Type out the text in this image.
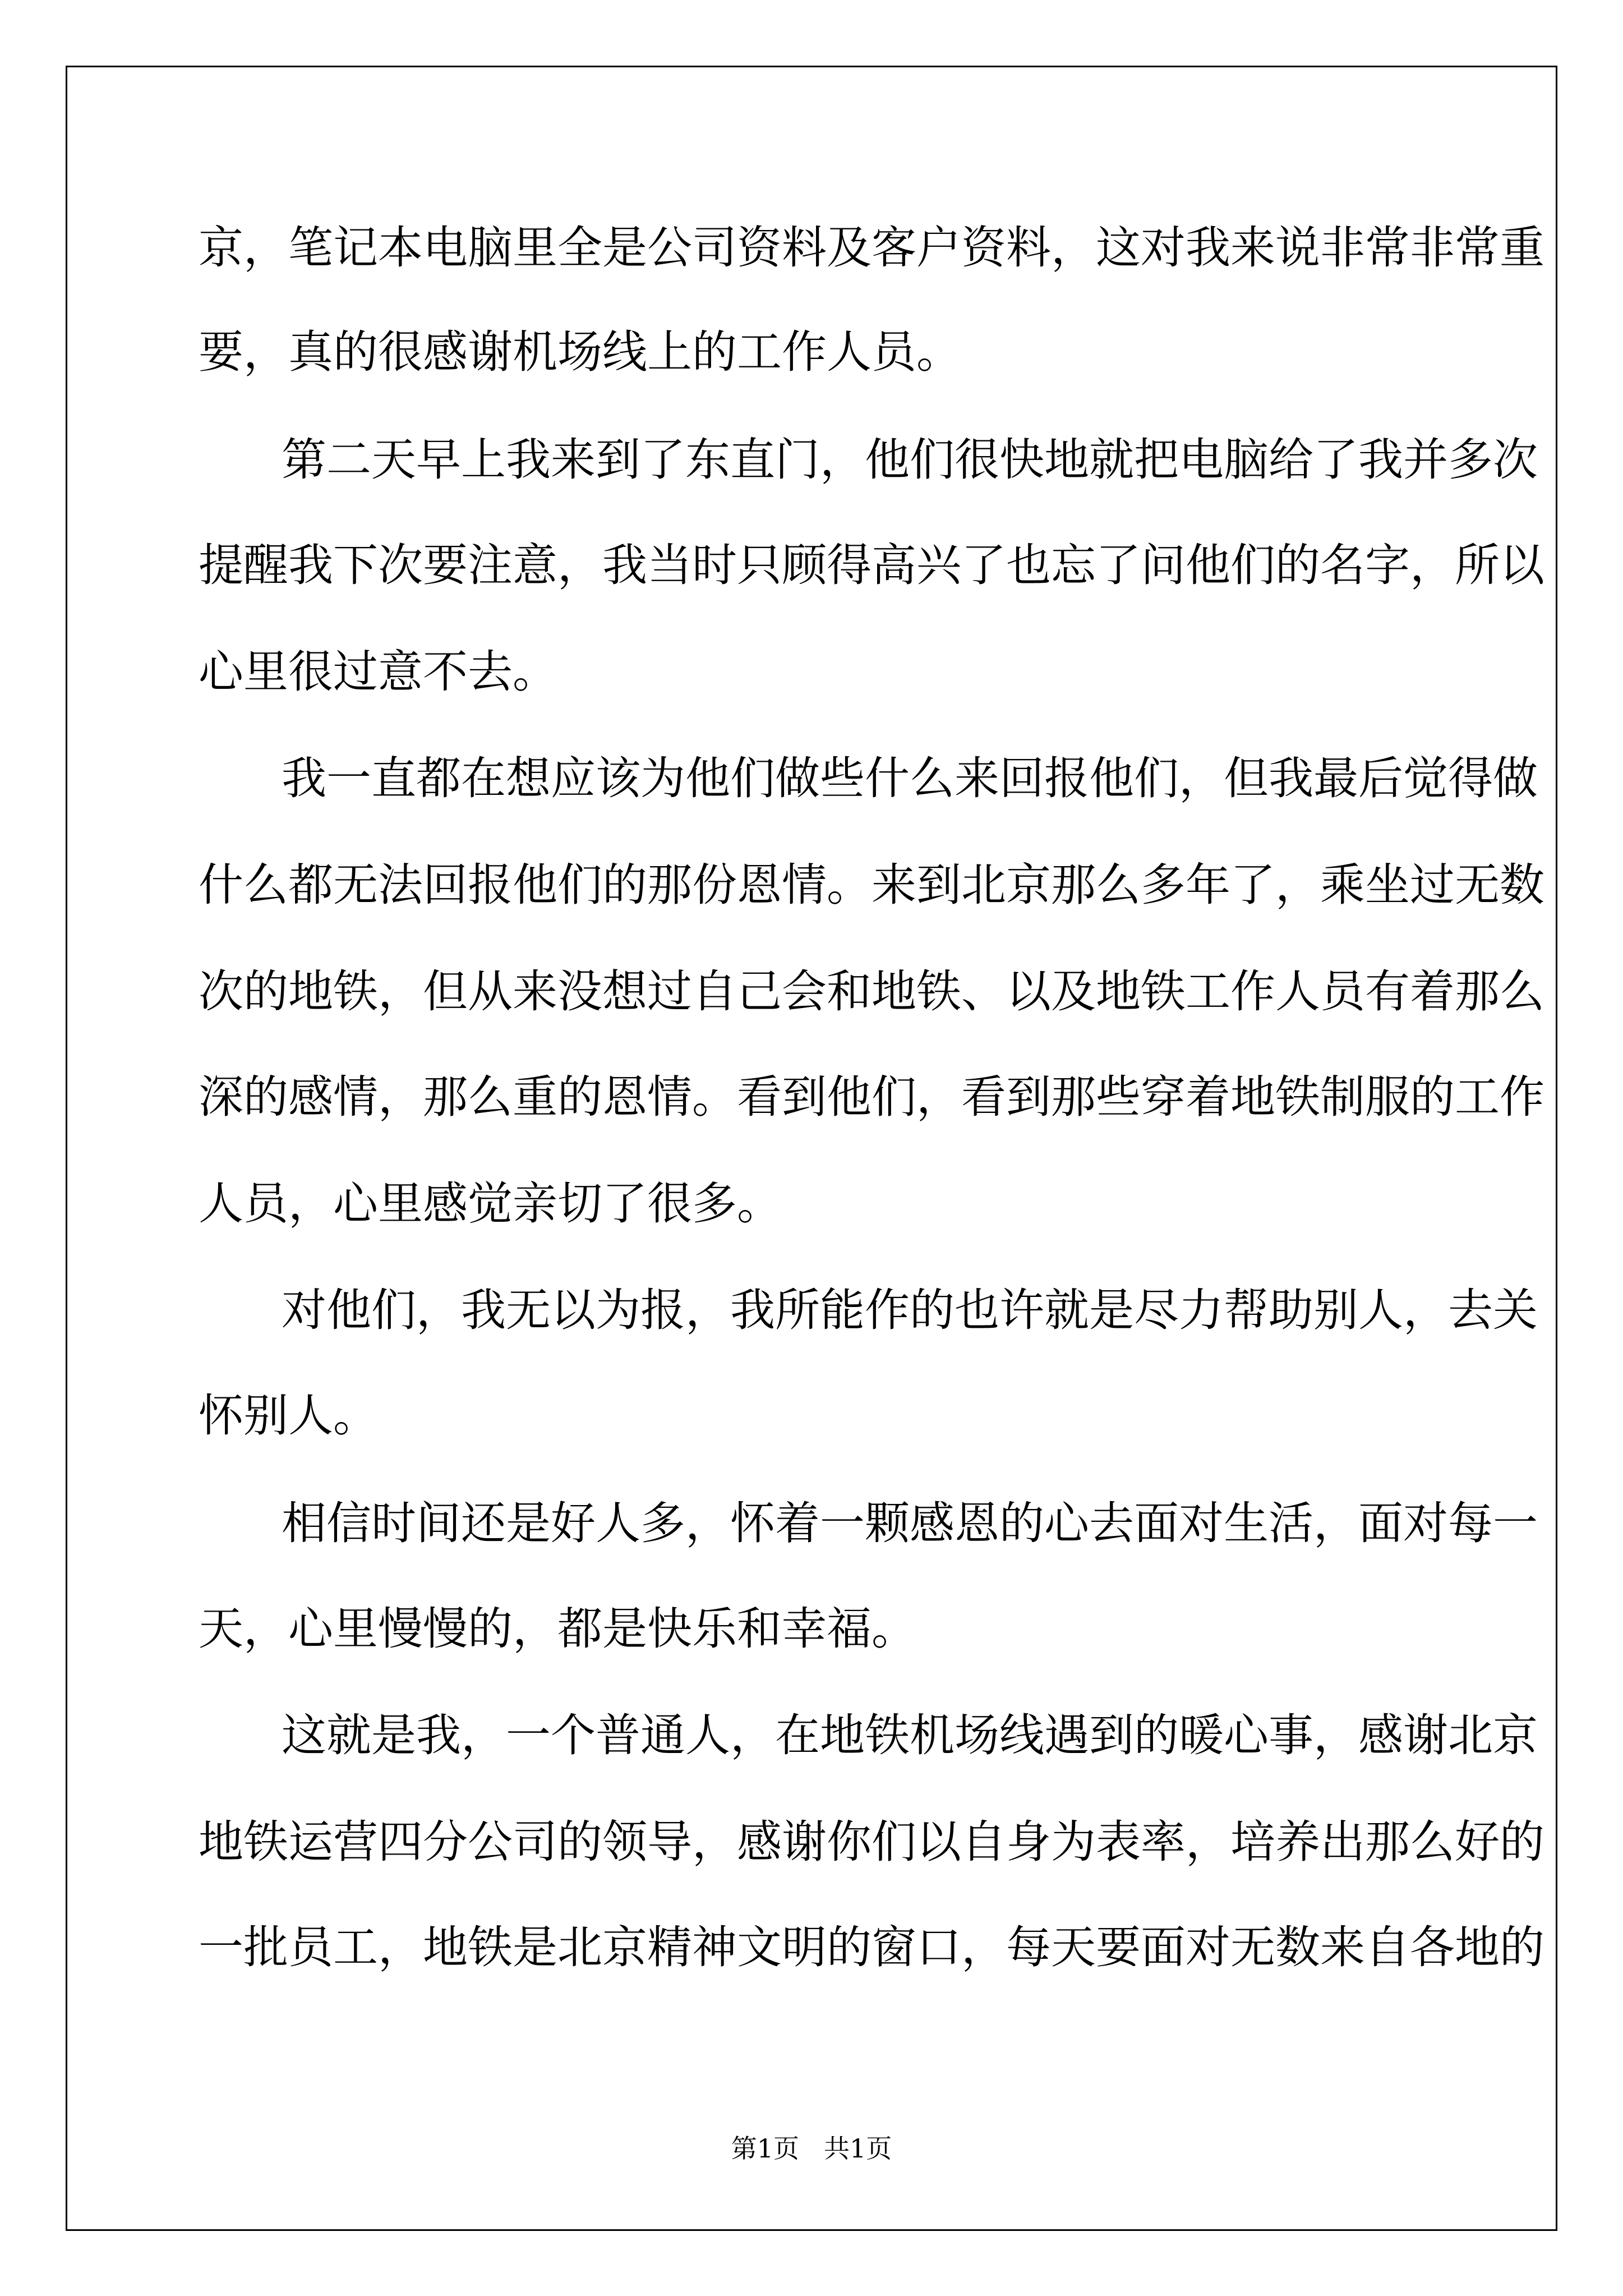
京，笔记本电脑里全是公司资料及客户资料，这对我来说非常非常重
要，真的很感谢机场线上的工作人员。
第二天早上我来到了东直门，他们很快地就把电脑给了我并多次
提醒我下次要注意，我当时只顾得高兴了也忘了问他们的名字，所以
心里很过意不去。
我一直都在想应该为他们做些什么来回报他们，但我最后觉得做
什么都无法回报他们的那份恩情。来到北京那么多年了，乘坐过无数
次的地铁，但从来没想过自己会和地铁、以及地铁工作人员有着那么
深的感情，那么重的恩情。看到他们，看到那些穿着地铁制服的工作
人员，心里感觉亲切了很多。
对他们，我无以为报，我所能作的也许就是尽力帮助别人，去关
怀别人。
相信时间还是好人多，怀着一颗感恩的心去面对生活，面对每一
天，心里慢慢的，都是快乐和幸福。
这就是我，一个普通人，在地铁机场线遇到的暖心事，感谢北京
地铁运营四分公司的领导，感谢你们以自身为表率，培养出那么好的
一批员工，地铁是北京精神文明的窗口，每天要面对无数来自各地的
第1页 共1页
